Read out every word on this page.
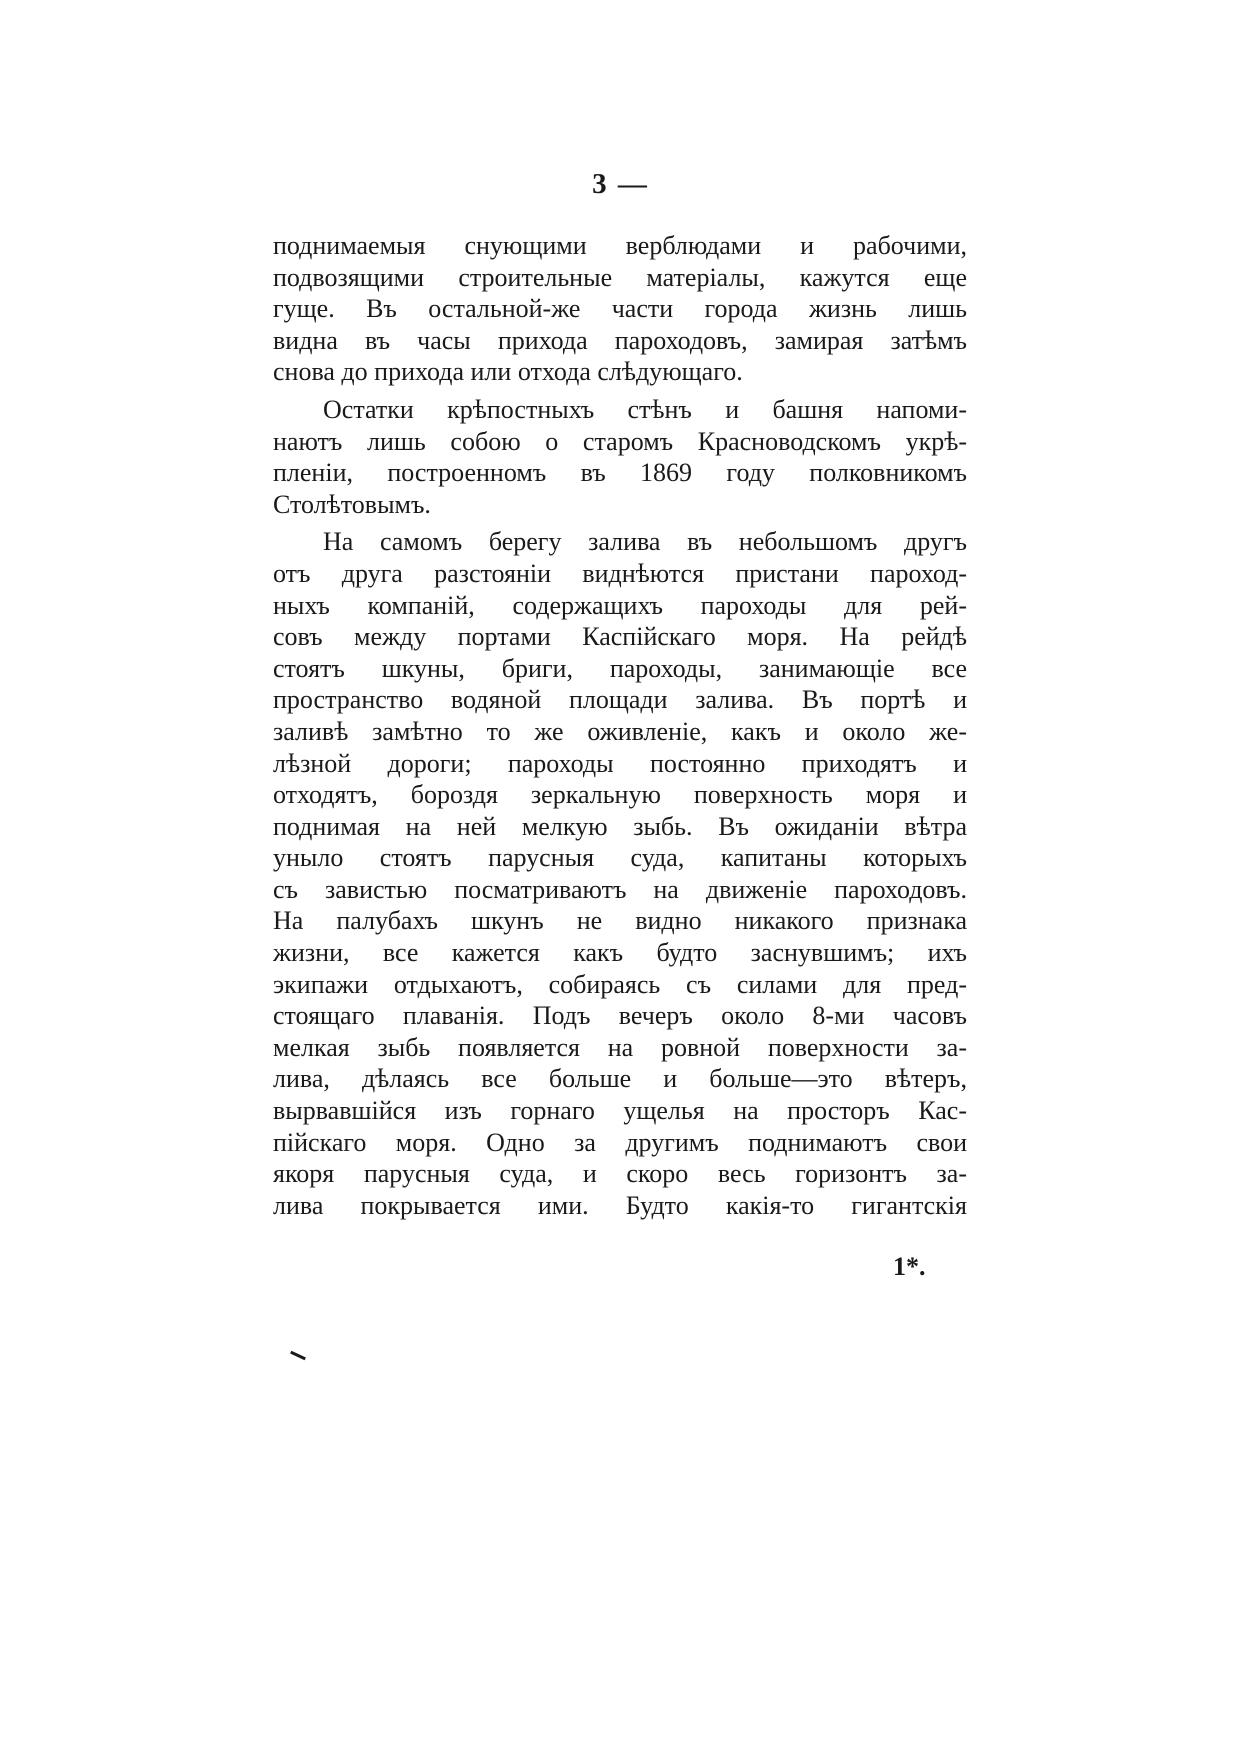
3 —
поднимаемыя снующими верблюдами и рабочими,
подвозящими строительные матеріалы, кажутся еще
гуще. Въ остальной-же части города жизнь лишь
видна въ часы прихода пароходовъ, замирая затѣмъ
снова до прихода или отхода слѣдующаго.
Остатки крѣпостныхъ стѣнъ и башня напоми-
наютъ лишь собою о старомъ Красноводскомъ укрѣ-
пленіи, построенномъ въ 1869 году полковникомъ
Столѣтовымъ.
На самомъ берегу залива въ небольшомъ другъ
отъ друга разстояніи виднѣются пристани пароход-
ныхъ компаній, содержащихъ пароходы для рей-
совъ между портами Каспійскаго моря. На рейдѣ
стоятъ шкуны, бриги, пароходы, занимающіе все
пространство водяной площади залива. Въ портѣ и
заливѣ замѣтно то же оживленіе, какъ и около же-
лѣзной дороги; пароходы постоянно приходятъ и
отходятъ, бороздя зеркальную поверхность моря и
поднимая на ней мелкую зыбь. Въ ожиданіи вѣтра
уныло стоятъ парусныя суда, капитаны которыхъ
съ завистью посматриваютъ на движеніе пароходовъ.
На палубахъ шкунъ не видно никакого признака
жизни, все кажется какъ будто заснувшимъ; ихъ
экипажи отдыхаютъ, собираясь съ силами для пред-
стоящаго плаванія. Подъ вечеръ около 8-ми часовъ
мелкая зыбь появляется на ровной поверхности за-
лива, дѣлаясь все больше и больше—это вѣтеръ,
вырвавшійся изъ горнаго ущелья на просторъ Кас-
пійскаго моря. Одно за другимъ поднимаютъ свои
якоря парусныя суда, и скоро весь горизонтъ за-
лива покрывается ими. Будто какія-то гигантскія
1*.
